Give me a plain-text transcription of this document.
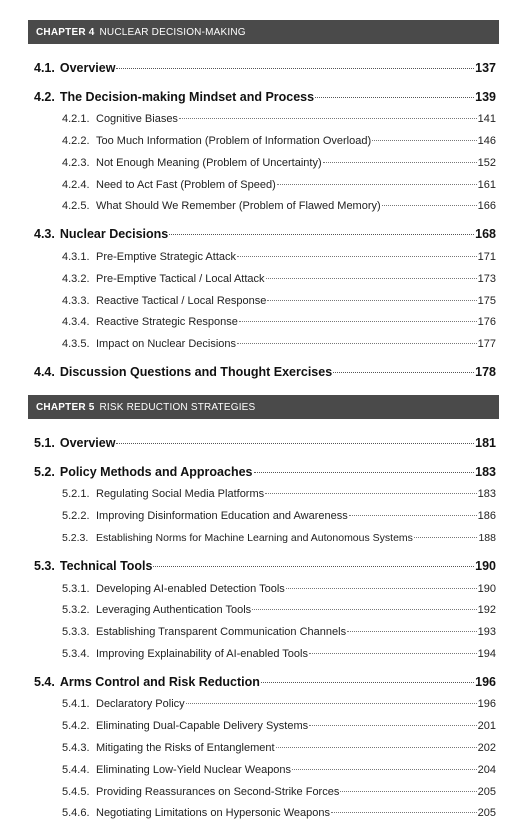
CHAPTER 4 NUCLEAR DECISION-MAKING
4.1. Overview	137
4.2. The Decision-making Mindset and Process	139
4.2.1. Cognitive Biases	141
4.2.2. Too Much Information (Problem of Information Overload)	146
4.2.3. Not Enough Meaning (Problem of Uncertainty)	152
4.2.4. Need to Act Fast (Problem of Speed)	161
4.2.5. What Should We Remember (Problem of Flawed Memory)	166
4.3. Nuclear Decisions	168
4.3.1. Pre-Emptive Strategic Attack	171
4.3.2. Pre-Emptive Tactical / Local Attack	173
4.3.3. Reactive Tactical / Local Response	175
4.3.4. Reactive Strategic Response	176
4.3.5. Impact on Nuclear Decisions	177
4.4. Discussion Questions and Thought Exercises	178
CHAPTER 5 RISK REDUCTION STRATEGIES
5.1. Overview	181
5.2. Policy Methods and Approaches	183
5.2.1. Regulating Social Media Platforms	183
5.2.2. Improving Disinformation Education and Awareness	186
5.2.3. Establishing Norms for Machine Learning and Autonomous Systems	188
5.3. Technical Tools	190
5.3.1. Developing AI-enabled Detection Tools	190
5.3.2. Leveraging Authentication Tools	192
5.3.3. Establishing Transparent Communication Channels	193
5.3.4. Improving Explainability of AI-enabled Tools	194
5.4. Arms Control and Risk Reduction	196
5.4.1. Declaratory Policy	196
5.4.2. Eliminating Dual-Capable Delivery Systems	201
5.4.3. Mitigating the Risks of Entanglement	202
5.4.4. Eliminating Low-Yield Nuclear Weapons	204
5.4.5. Providing Reassurances on Second-Strike Forces	205
5.4.6. Negotiating Limitations on Hypersonic Weapons	205
